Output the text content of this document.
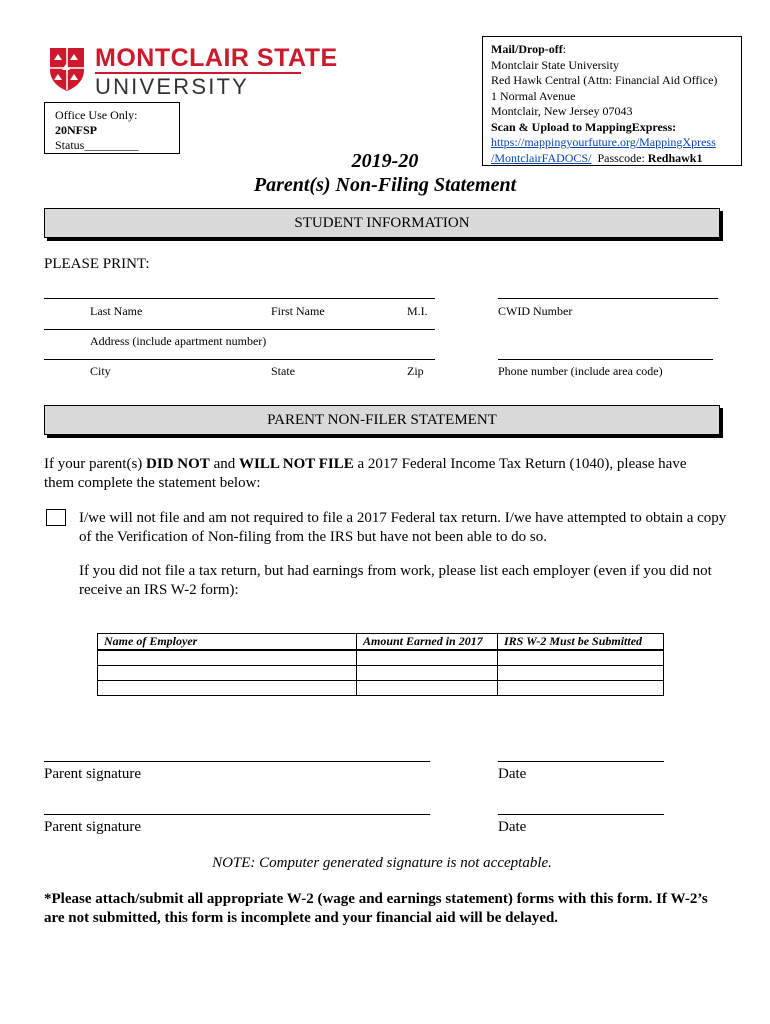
MONTCLAIR STATE
UNIVERSITY
Office Use Only:
20NFSP
Status_________
Mail/Drop-off:
Montclair State University
Red Hawk Central (Attn: Financial Aid Office)
1 Normal Avenue
Montclair, New Jersey 07043
Scan & Upload to MappingExpress:
https://mappingyourfuture.org/MappingXpress
/MontclairFADOCS/ Passcode: Redhawk1
2019-20
Parent(s) Non-Filing Statement
STUDENT INFORMATION
PLEASE PRINT:
Last Name	First Name	M.I.	CWID Number
Address (include apartment number)
City	State	Zip	Phone number (include area code)
PARENT NON-FILER STATEMENT
If your parent(s) DID NOT and WILL NOT FILE a 2017 Federal Income Tax Return (1040), please have
them complete the statement below:
I/we will not file and am not required to file a 2017 Federal tax return. I/we have attempted to obtain a copy
of the Verification of Non-filing from the IRS but have not been able to do so.
If you did not file a tax return, but had earnings from work, please list each employer (even if you did not
receive an IRS W-2 form):
Name of Employer	Amount Earned in 2017	IRS W-2 Must be Submitted

Parent signature	Date
Parent signature	Date
NOTE: Computer generated signature is not acceptable.
*Please attach/submit all appropriate W-2 (wage and earnings statement) forms with this form. If W-2’s
are not submitted, this form is incomplete and your financial aid will be delayed.
